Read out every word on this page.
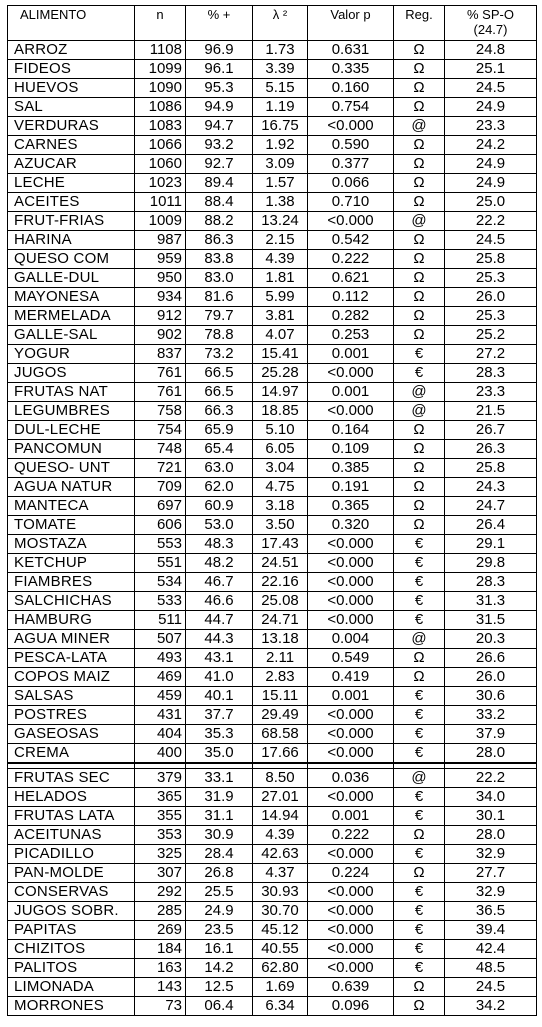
ALIMENTO	n	% +	λ ²	Valor p	Reg.	% SP-O
(24.7)

ARROZ	1108	96.9	1.73	0.631	Ω	24.8
FIDEOS	1099	96.1	3.39	0.335	Ω	25.1
HUEVOS	1090	95.3	5.15	0.160	Ω	24.5
SAL	1086	94.9	1.19	0.754	Ω	24.9
VERDURAS	1083	94.7	16.75	<0.000	@	23.3
CARNES	1066	93.2	1.92	0.590	Ω	24.2
AZUCAR	1060	92.7	3.09	0.377	Ω	24.9
LECHE	1023	89.4	1.57	0.066	Ω	24.9
ACEITES	1011	88.4	1.38	0.710	Ω	25.0
FRUT-FRIAS	1009	88.2	13.24	<0.000	@	22.2
HARINA	987	86.3	2.15	0.542	Ω	24.5
QUESO COM	959	83.8	4.39	0.222	Ω	25.8
GALLE-DUL	950	83.0	1.81	0.621	Ω	25.3
MAYONESA	934	81.6	5.99	0.112	Ω	26.0
MERMELADA	912	79.7	3.81	0.282	Ω	25.3
GALLE-SAL	902	78.8	4.07	0.253	Ω	25.2
YOGUR	837	73.2	15.41	0.001	€	27.2
JUGOS	761	66.5	25.28	<0.000	€	28.3
FRUTAS NAT	761	66.5	14.97	0.001	@	23.3
LEGUMBRES	758	66.3	18.85	<0.000	@	21.5
DUL-LECHE	754	65.9	5.10	0.164	Ω	26.7
PANCOMUN	748	65.4	6.05	0.109	Ω	26.3
QUESO- UNT	721	63.0	3.04	0.385	Ω	25.8
AGUA NATUR	709	62.0	4.75	0.191	Ω	24.3
MANTECA	697	60.9	3.18	0.365	Ω	24.7
TOMATE	606	53.0	3.50	0.320	Ω	26.4
MOSTAZA	553	48.3	17.43	<0.000	€	29.1
KETCHUP	551	48.2	24.51	<0.000	€	29.8
FIAMBRES	534	46.7	22.16	<0.000	€	28.3
SALCHICHAS	533	46.6	25.08	<0.000	€	31.3
HAMBURG	511	44.7	24.71	<0.000	€	31.5
AGUA MINER	507	44.3	13.18	0.004	@	20.3
PESCA-LATA	493	43.1	2.11	0.549	Ω	26.6
COPOS MAIZ	469	41.0	2.83	0.419	Ω	26.0
SALSAS	459	40.1	15.11	0.001	€	30.6
POSTRES	431	37.7	29.49	<0.000	€	33.2
GASEOSAS	404	35.3	68.58	<0.000	€	37.9
CREMA	400	35.0	17.66	<0.000	€	28.0

FRUTAS SEC	379	33.1	8.50	0.036	@	22.2
HELADOS	365	31.9	27.01	<0.000	€	34.0
FRUTAS LATA	355	31.1	14.94	0.001	€	30.1
ACEITUNAS	353	30.9	4.39	0.222	Ω	28.0
PICADILLO	325	28.4	42.63	<0.000	€	32.9
PAN-MOLDE	307	26.8	4.37	0.224	Ω	27.7
CONSERVAS	292	25.5	30.93	<0.000	€	32.9
JUGOS SOBR.	285	24.9	30.70	<0.000	€	36.5
PAPITAS	269	23.5	45.12	<0.000	€	39.4
CHIZITOS	184	16.1	40.55	<0.000	€	42.4
PALITOS	163	14.2	62.80	<0.000	€	48.5
LIMONADA	143	12.5	1.69	0.639	Ω	24.5
MORRONES	73	06.4	6.34	0.096	Ω	34.2
